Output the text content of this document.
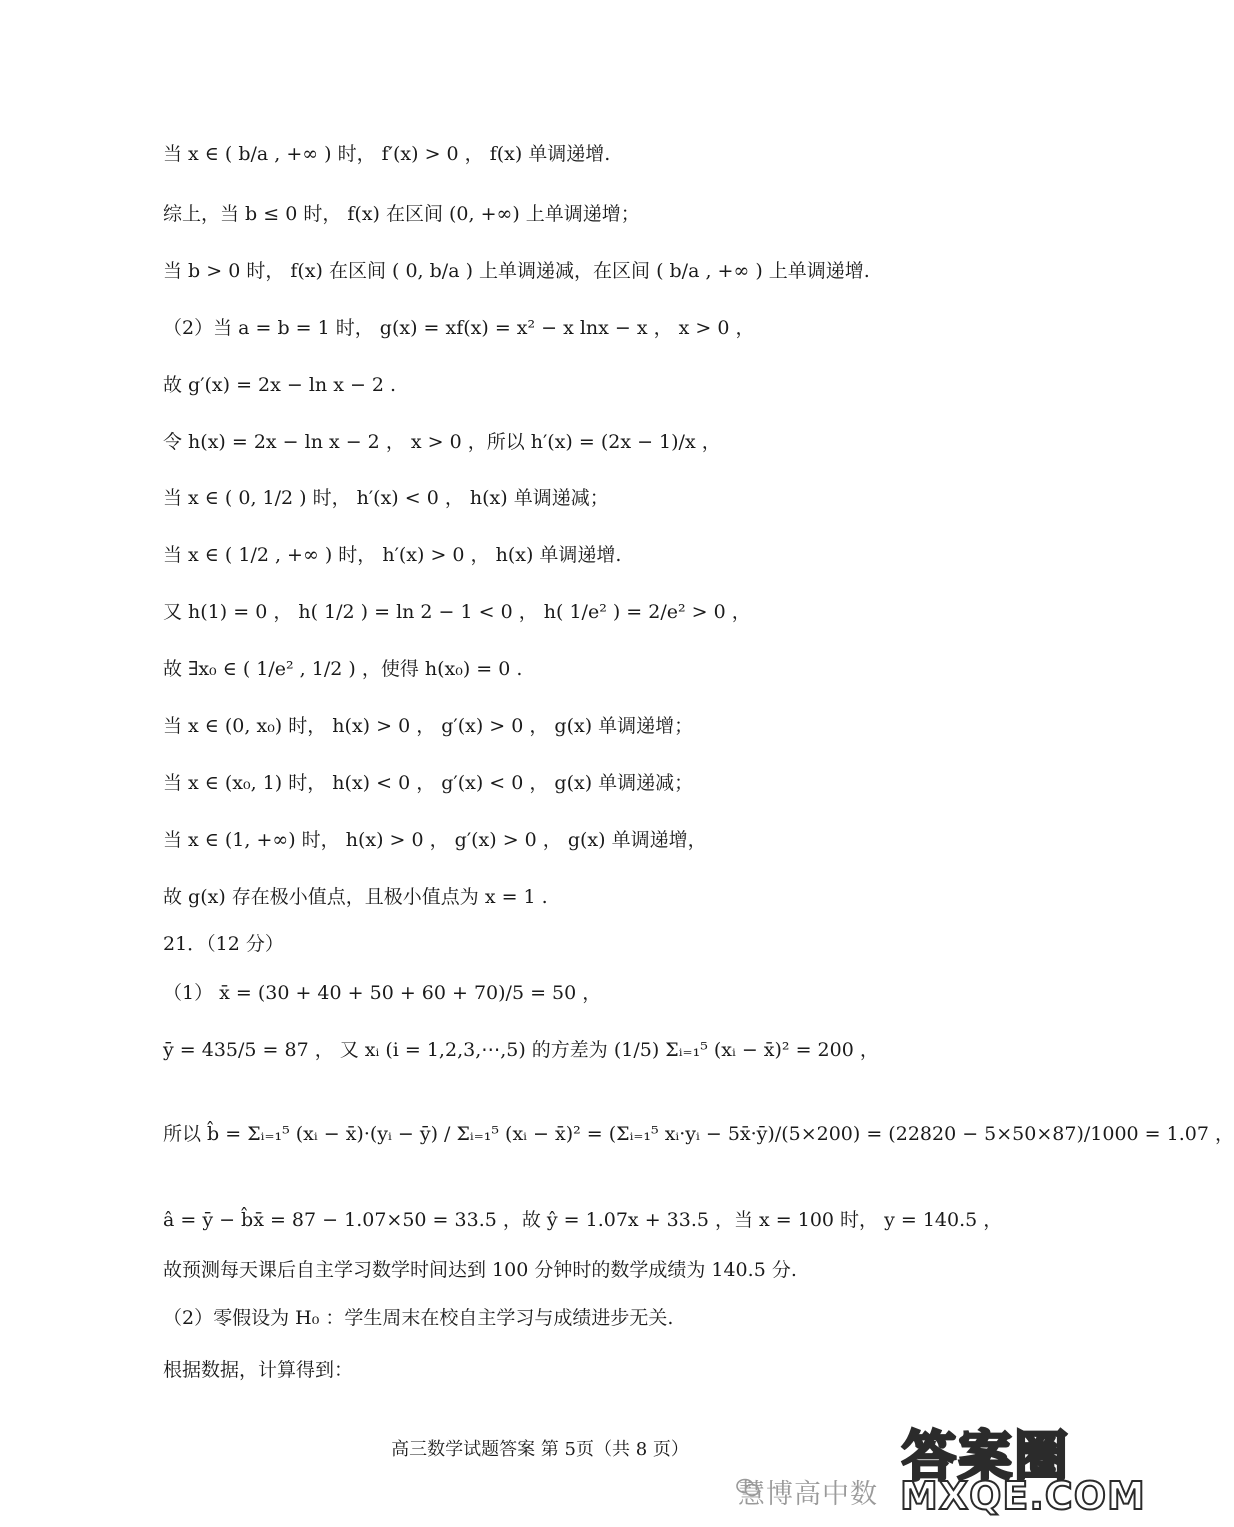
当 x ∈ ( b/a , +∞ ) 时， f′(x) > 0 ， f(x) 单调递增.
综上，当 b ≤ 0 时， f(x) 在区间 (0, +∞) 上单调递增；
当 b > 0 时， f(x) 在区间 ( 0, b/a ) 上单调递减，在区间 ( b/a , +∞ ) 上单调递增.
（2）当 a = b = 1 时， g(x) = xf(x) = x² − x lnx − x ， x > 0 ，
故 g′(x) = 2x − ln x − 2 .
令 h(x) = 2x − ln x − 2 ， x > 0 ，所以 h′(x) = (2x − 1)/x ，
当 x ∈ ( 0, 1/2 ) 时， h′(x) < 0 ， h(x) 单调递减；
当 x ∈ ( 1/2 , +∞ ) 时， h′(x) > 0 ， h(x) 单调递增.
又 h(1) = 0 ， h( 1/2 ) = ln 2 − 1 < 0 ， h( 1/e² ) = 2/e² > 0 ，
故 ∃x₀ ∈ ( 1/e² , 1/2 ) ，使得 h(x₀) = 0 .
当 x ∈ (0, x₀) 时， h(x) > 0 ， g′(x) > 0 ， g(x) 单调递增；
当 x ∈ (x₀, 1) 时， h(x) < 0 ， g′(x) < 0 ， g(x) 单调递减；
当 x ∈ (1, +∞) 时， h(x) > 0 ， g′(x) > 0 ， g(x) 单调递增，
故 g(x) 存在极小值点，且极小值点为 x = 1 .
21．（12 分）
（1） x̄ = (30 + 40 + 50 + 60 + 70)/5 = 50 ，
ȳ = 435/5 = 87 ， 又 xᵢ (i = 1,2,3,⋯,5) 的方差为 (1/5) Σᵢ₌₁⁵ (xᵢ − x̄)² = 200 ，
所以 b̂ = Σᵢ₌₁⁵ (xᵢ − x̄)·(yᵢ − ȳ) / Σᵢ₌₁⁵ (xᵢ − x̄)² = (Σᵢ₌₁⁵ xᵢ·yᵢ − 5x̄·ȳ)/(5×200) = (22820 − 5×50×87)/1000 = 1.07 ，
â = ȳ − b̂x̄ = 87 − 1.07×50 = 33.5 ，故 ŷ = 1.07x + 33.5 ，当 x = 100 时， y = 140.5 ，
故预测每天课后自主学习数学时间达到 100 分钟时的数学成绩为 140.5 分.
（2）零假设为 H₀ ：学生周末在校自主学习与成绩进步无关.
根据数据，计算得到：
高三数学试题答案 第 5页（共 8 页）
慧博高中数
答案圈
MXQE.COM
